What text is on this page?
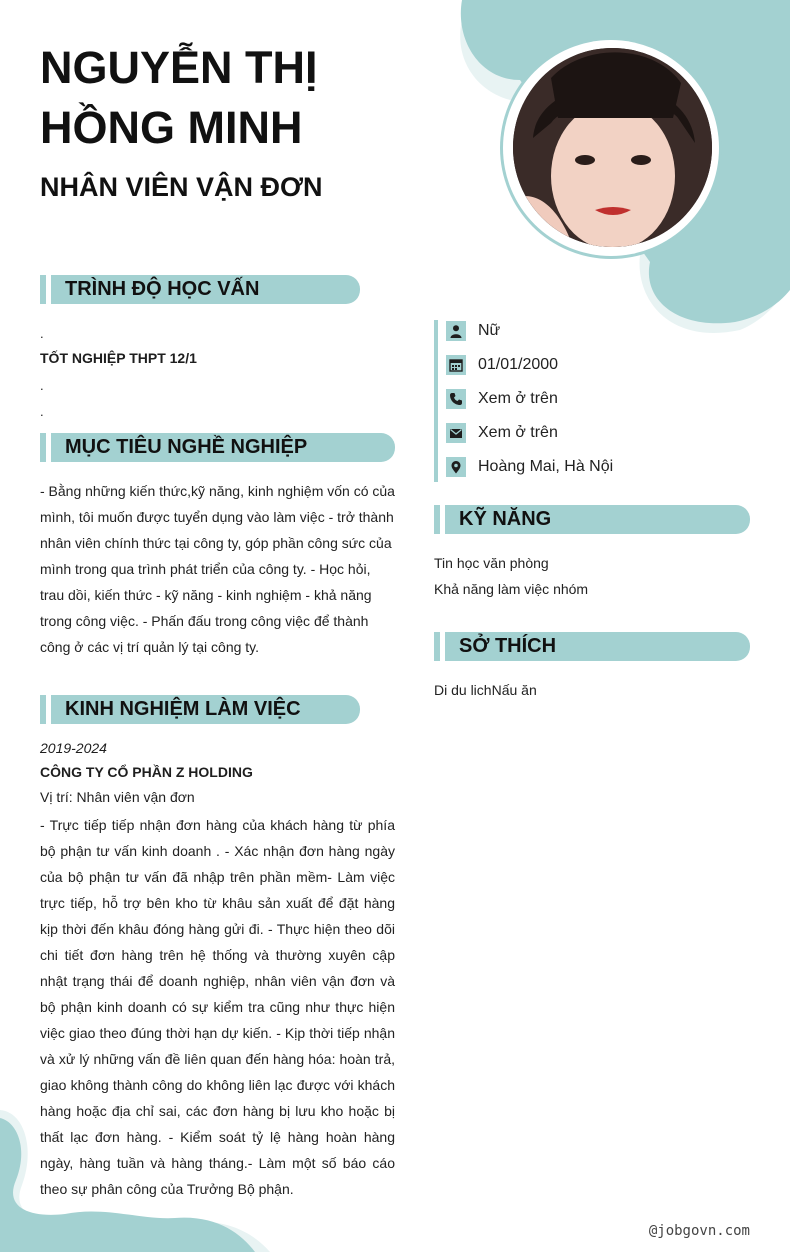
NGUYỄN THỊ HỒNG MINH
NHÂN VIÊN VẬN ĐƠN
TRÌNH ĐỘ HỌC VẤN
.
TỐT NGHIỆP THPT 12/1
.
.
MỤC TIÊU NGHỀ NGHIỆP
- Bằng những kiến thức,kỹ năng, kinh nghiệm vốn có của mình, tôi muốn được tuyển dụng vào làm việc - trở thành nhân viên chính thức tại công ty, góp phần công sức của mình trong qua trình phát triển của công ty. - Học hỏi, trau dồi, kiến thức - kỹ năng - kinh nghiệm - khả năng trong công việc. - Phấn đấu trong công việc để thành công ở các vị trí quản lý tại công ty.
KINH NGHIỆM LÀM VIỆC
2019-2024
CÔNG TY CỔ PHẦN Z HOLDING
Vị trí: Nhân viên vận đơn
- Trực tiếp tiếp nhận đơn hàng của khách hàng từ phía bộ phận tư vấn kinh doanh . - Xác nhận đơn hàng ngày của bộ phận tư vấn đã nhập trên phần mềm- Làm việc trực tiếp, hỗ trợ bên kho từ khâu sản xuất để đặt hàng kịp thời đến khâu đóng hàng gửi đi. - Thực hiện theo dõi chi tiết đơn hàng trên hệ thống và thường xuyên cập nhật trạng thái để doanh nghiệp, nhân viên vận đơn và bộ phận kinh doanh có sự kiểm tra cũng như thực hiện việc giao theo đúng thời hạn dự kiến. - Kịp thời tiếp nhận và xử lý những vấn đề liên quan đến hàng hóa: hoàn trả, giao không thành công do không liên lạc được với khách hàng hoặc địa chỉ sai, các đơn hàng bị lưu kho hoặc bị thất lạc đơn hàng. - Kiểm soát tỷ lệ hàng hoàn hàng ngày, hàng tuần và hàng tháng.- Làm một số báo cáo theo sự phân công của Trưởng Bộ phận.
Nữ
01/01/2000
Xem ở trên
Xem ở trên
Hoàng Mai, Hà Nội
KỸ NĂNG
Tin học văn phòng
Khả năng làm việc nhóm
SỞ THÍCH
Di du lichNấu ăn
@jobgovn.com
